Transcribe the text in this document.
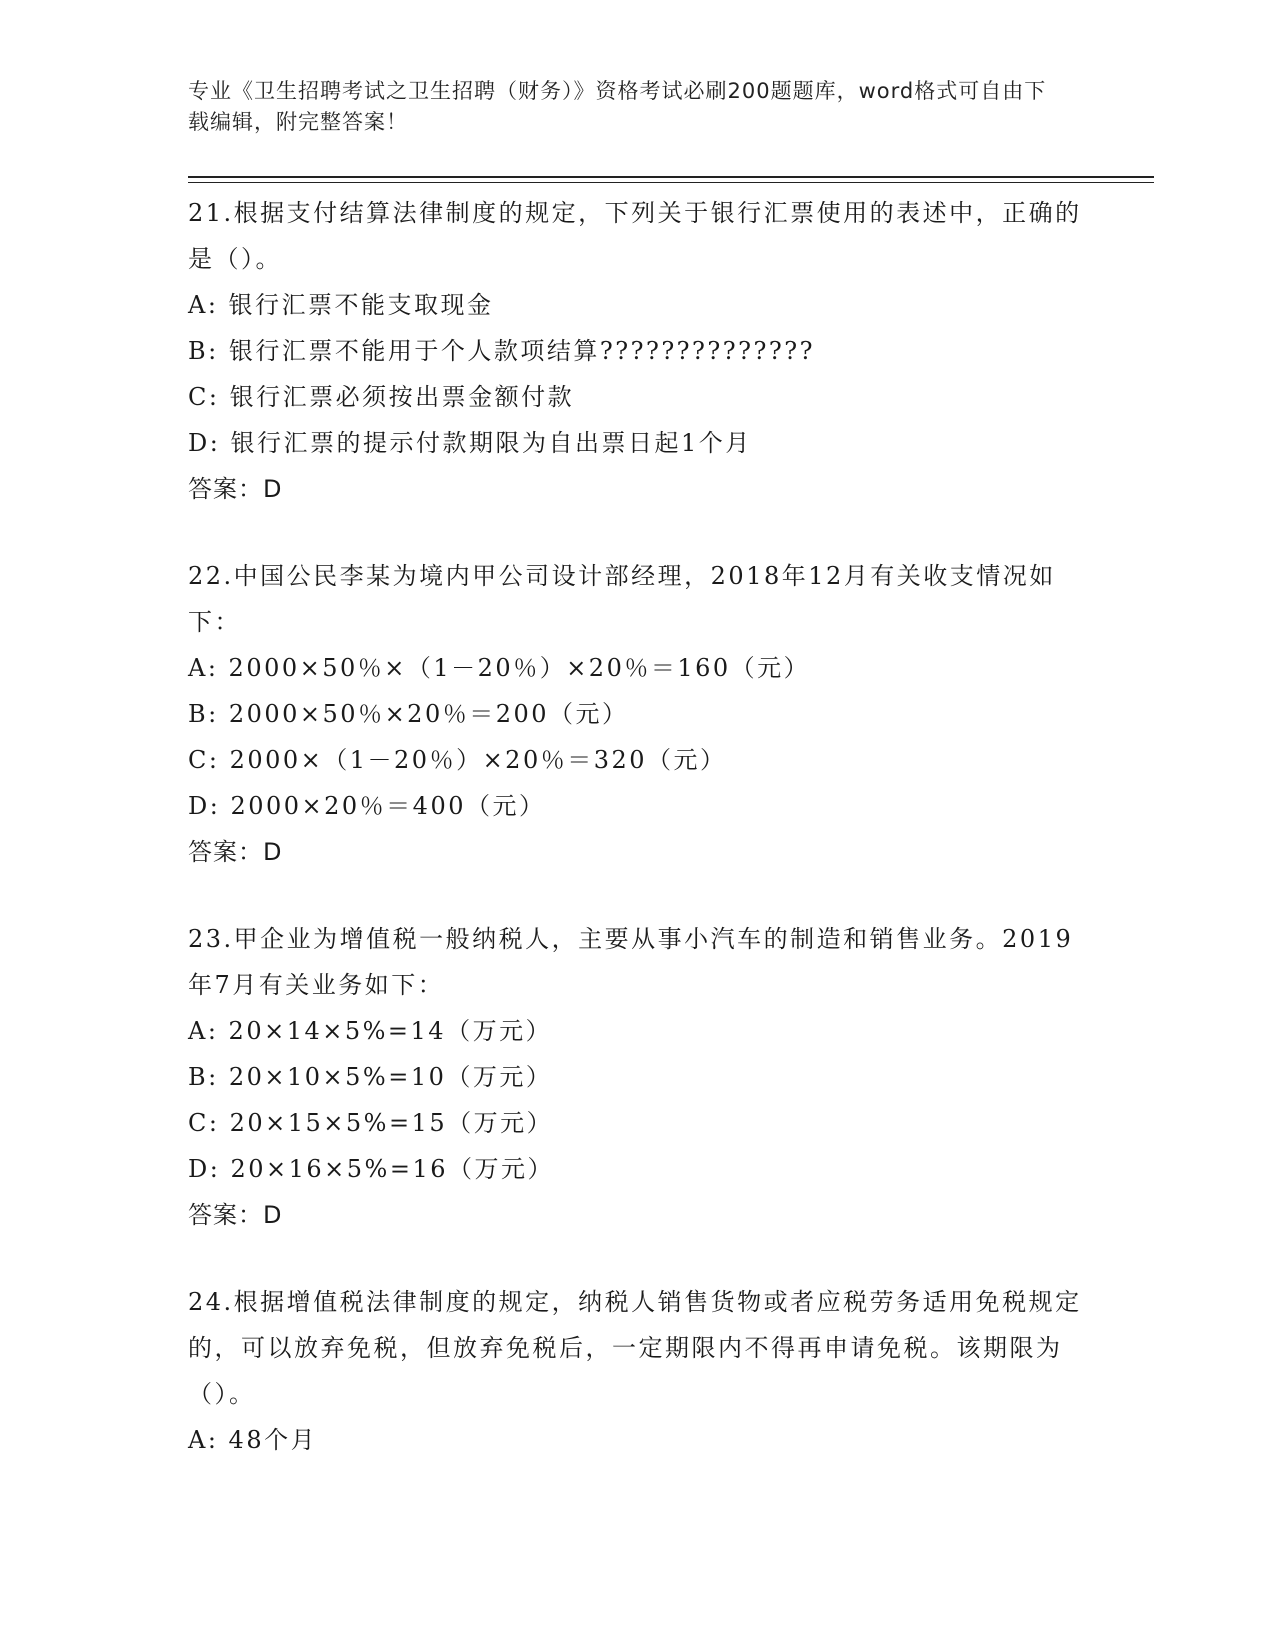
专业《卫生招聘考试之卫生招聘（财务）》资格考试必刷200题题库，word格式可自由下载编辑，附完整答案！

21.根据支付结算法律制度的规定，下列关于银行汇票使用的表述中，正确的是（）。

A: 银行汇票不能支取现金

B: 银行汇票不能用于个人款项结算??????????????

C: 银行汇票必须按出票金额付款

D: 银行汇票的提示付款期限为自出票日起1个月

答案：D

22.中国公民李某为境内甲公司设计部经理，2018年12月有关收支情况如下：

A: 2000×50％×（1－20％）×20％＝160（元）

B: 2000×50％×20％＝200（元）

C: 2000×（1－20％）×20％＝320（元）

D: 2000×20％＝400（元）

答案：D

23.甲企业为增值税一般纳税人，主要从事小汽车的制造和销售业务。2019年7月有关业务如下：

A: 20×14×5%=14（万元）

B: 20×10×5%=10（万元）

C: 20×15×5%=15（万元）

D: 20×16×5%=16（万元）

答案：D

24.根据增值税法律制度的规定，纳税人销售货物或者应税劳务适用免税规定的，可以放弃免税，但放弃免税后，一定期限内不得再申请免税。该期限为（）。

A: 48个月
